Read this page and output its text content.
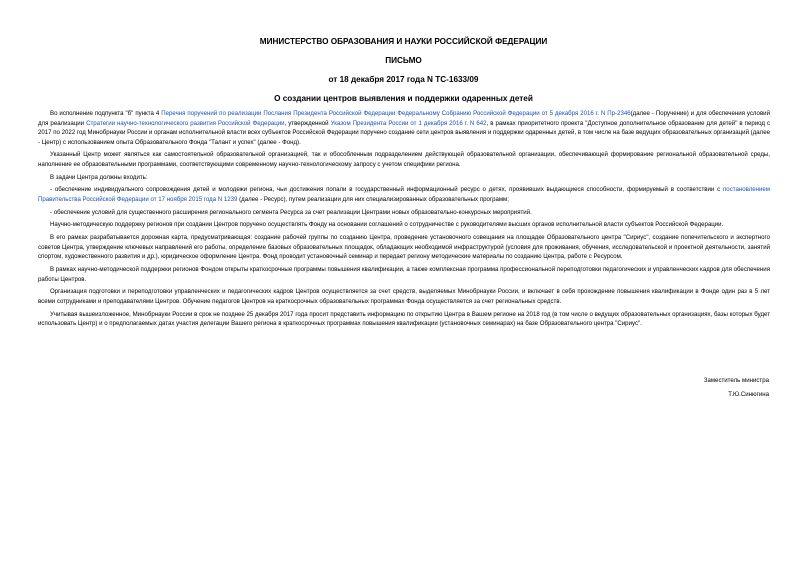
МИНИСТЕРСТВО ОБРАЗОВАНИЯ И НАУКИ РОССИЙСКОЙ ФЕДЕРАЦИИ
ПИСЬМО
от 18 декабря 2017 года N ТС-1633/09
О создании центров выявления и поддержки одаренных детей

Во исполнение подпункта "б" пункта 4 Перечня поручений по реализации Послания Президента Российской Федерации Федеральному Собранию Российской Федерации от 5 декабря 2016 г. N Пр-2346(далее - Поручение) и для обеспечения условий для реализации Стратегии научно-технологического развития Российской Федерации, утвержденной Указом Президента России от 1 декабря 2016 г. N 642, в рамках приоритетного проекта "Доступное дополнительное образование для детей" в период с 2017 по 2022 год Минобрнауки России и органам исполнительной власти всех субъектов Российской Федерации поручено создание сети центров выявления и поддержки одаренных детей, в том числе на базе ведущих образовательных организаций (далее - Центр) с использованием опыта Образовательного Фонда "Талант и успех" (далее - Фонд).

Указанный Центр может являться как самостоятельной образовательной организацией, так и обособленным подразделением действующей образовательной организации, обеспечивающей формирование региональной образовательной среды, наполнение ее образовательными программами, соответствующими современному научно-технологическому запросу с учетом специфики региона.

В задачи Центра должны входить:

- обеспечение индивидуального сопровождения детей и молодежи региона, чьи достижения попали в государственный информационный ресурс о детях, проявивших выдающиеся способности, формируемый в соответствии с постановлением Правительства Российской Федерации от 17 ноября 2015 года N 1239 (далее - Ресурс), путем реализации для них специализированных образовательных программ;

- обеспечение условий для существенного расширения регионального сегмента Ресурса за счет реализации Центрами новых образовательно-конкурсных мероприятий.

Научно-методическую поддержку регионов при создании Центров поручено осуществлять Фонду на основании соглашений о сотрудничестве с руководителями высших органов исполнительной власти субъектов Российской Федерации.

В его рамках разрабатывается дорожная карта, предусматривающая: создание рабочей группы по созданию Центра, проведение установочного совещания на площадке Образовательного центра "Сириус", создание попечительского и экспертного советов Центра, утверждение ключевых направлений его работы, определение базовых образовательных площадок, обладающих необходимой инфраструктурой (условия для проживания, обучения, исследовательской и проектной деятельности, занятий спортом, художественного развития и др.), юридическое оформление Центра. Фонд проводит установочный семинар и передает региону методические материалы по созданию Центра, работе с Ресурсом.

В рамках научно-методической поддержки регионов Фондом открыты краткосрочные программы повышения квалификации, а также комплексная программа профессиональной переподготовки педагогических и управленческих кадров для обеспечения работы Центров.

Организация подготовки и переподготовки управленческих и педагогических кадров Центров осуществляется за счет средств, выделяемых Минобрнауки России, и включает в себя прохождение повышения квалификации в Фонде один раз в 5 лет всеми сотрудниками и преподавателями Центров. Обучение педагогов Центров на краткосрочных образовательных программах Фонда осуществляется за счет региональных средств.

Учитывая вышеизложенное, Минобрнауки России в срок не позднее 25 декабря 2017 года просит представить информацию по открытию Центра в Вашем регионе на 2018 год (в том числе о ведущих образовательных организациях, базы которых будет использовать Центр) и о предполагаемых датах участия делегации Вашего региона в краткосрочных программах повышения квалификации (установочных семинарах) на базе Образовательного центра "Сириус".

Заместитель министра
Т.Ю.Синюгина
